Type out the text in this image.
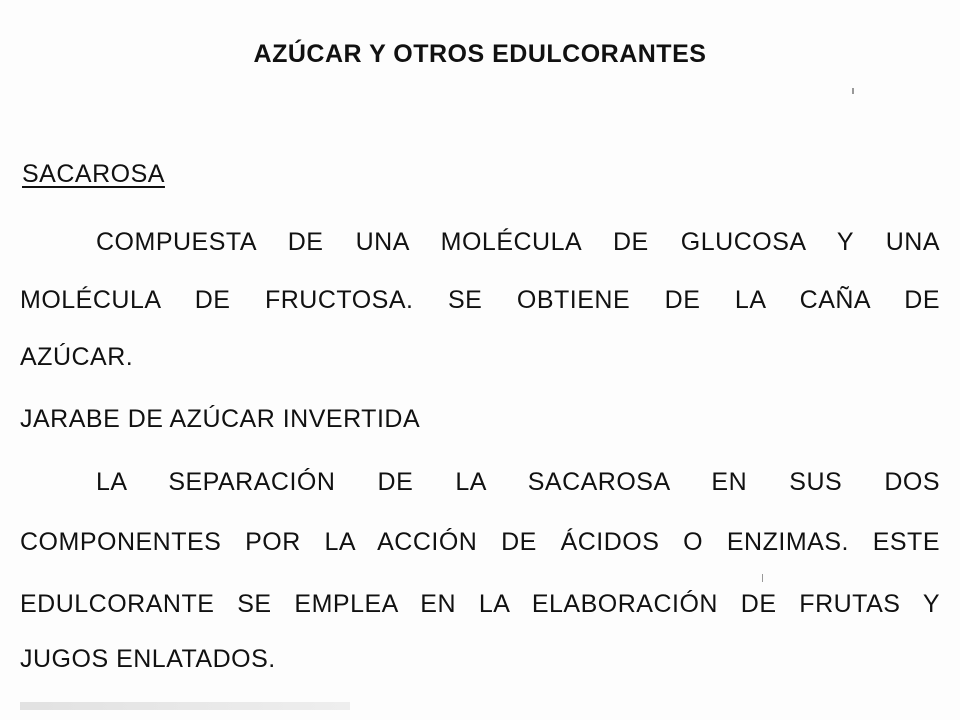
AZÚCAR Y OTROS EDULCORANTES
SACAROSA
COMPUESTA DE UNA MOLÉCULA DE GLUCOSA Y UNA
MOLÉCULA DE FRUCTOSA. SE OBTIENE DE LA CAÑA DE
AZÚCAR.
JARABE DE AZÚCAR INVERTIDA
LA SEPARACIÓN DE LA SACAROSA EN SUS DOS
COMPONENTES POR LA ACCIÓN DE ÁCIDOS O ENZIMAS. ESTE
EDULCORANTE SE EMPLEA EN LA ELABORACIÓN DE FRUTAS Y
JUGOS ENLATADOS.
